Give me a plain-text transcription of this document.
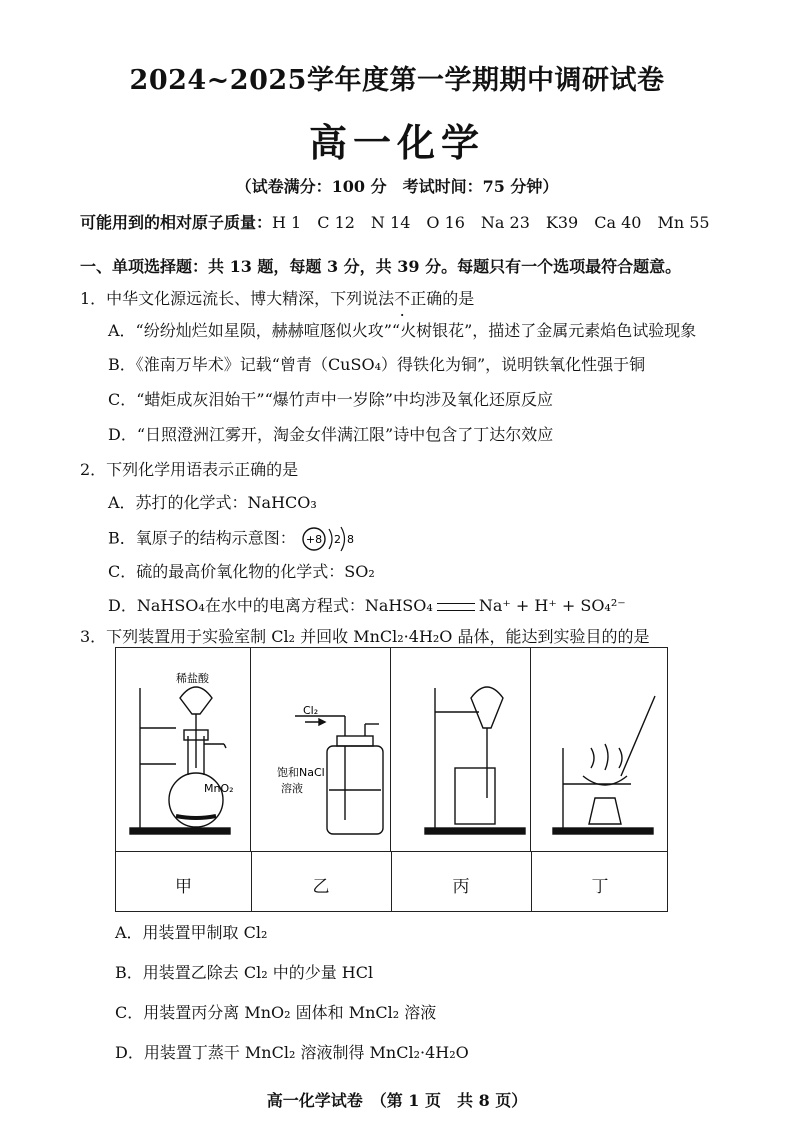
2024~2025学年度第一学期期中调研试卷
高一化学
（试卷满分：100 分　考试时间：75 分钟）
可能用到的相对原子质量：H 1　C 12　N 14　O 16　Na 23　K39　Ca 40　Mn 55
一、单项选择题：共 13 题，每题 3 分，共 39 分。每题只有一个选项最符合题意。
1．中华文化源远流长、博大精深，下列说法不正确的是
A．“纷纷灿烂如星陨，赫赫喧豗似火攻”“火树银花”，描述了金属元素焰色试验现象
B．《淮南万毕术》记载“曾青（CuSO₄）得铁化为铜”，说明铁氧化性强于铜
C．“蜡炬成灰泪始干”“爆竹声中一岁除”中均涉及氧化还原反应
D．“日照澄洲江雾开，淘金女伴满江限”诗中包含了丁达尔效应
2．下列化学用语表示正确的是
A．苏打的化学式：NaHCO₃
B．氧原子的结构示意图： +8 2 8
C．硫的最高价氧化物的化学式：SO₂
D．NaHSO₄在水中的电离方程式：NaHSO₄	Na⁺ + H⁺ + SO₄²⁻
3．下列装置用于实验室制 Cl₂ 并回收 MnCl₂·4H₂O 晶体，能达到实验目的的是
甲	乙	丙	丁
稀盐酸
MnO₂
Cl₂
饱和NaCl
溶液
A．用装置甲制取 Cl₂
B．用装置乙除去 Cl₂ 中的少量 HCl
C．用装置丙分离 MnO₂ 固体和 MnCl₂ 溶液
D．用装置丁蒸干 MnCl₂ 溶液制得 MnCl₂·4H₂O
高一化学试卷　（第 1 页　共 8 页）
